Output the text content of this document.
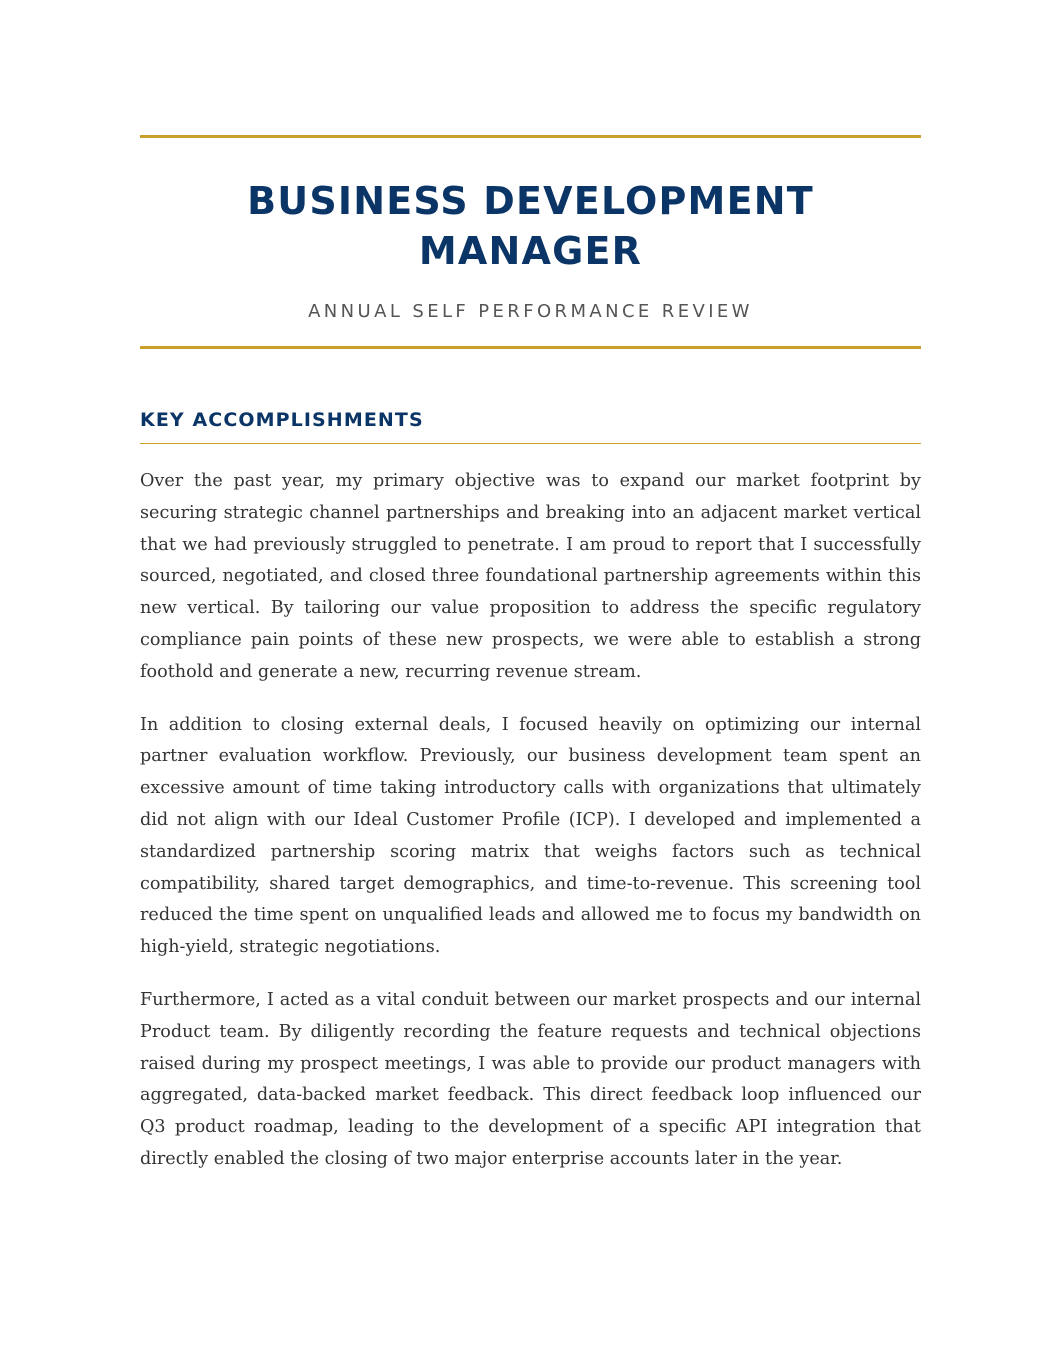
BUSINESS DEVELOPMENT MANAGER

ANNUAL SELF PERFORMANCE REVIEW

KEY ACCOMPLISHMENTS

Over the past year, my primary objective was to expand our market footprint by securing strategic channel partnerships and breaking into an adjacent market vertical that we had previously struggled to penetrate. I am proud to report that I successfully sourced, negotiated, and closed three foundational partnership agreements within this new vertical. By tailoring our value proposition to address the specific regulatory compliance pain points of these new prospects, we were able to establish a strong foothold and generate a new, recurring revenue stream.

In addition to closing external deals, I focused heavily on optimizing our internal partner evaluation workflow. Previously, our business development team spent an excessive amount of time taking introductory calls with organizations that ultimately did not align with our Ideal Customer Profile (ICP). I developed and implemented a standardized partnership scoring matrix that weighs factors such as technical compatibility, shared target demographics, and time-to-revenue. This screening tool reduced the time spent on unqualified leads and allowed me to focus my bandwidth on high-yield, strategic negotiations.

Furthermore, I acted as a vital conduit between our market prospects and our internal Product team. By diligently recording the feature requests and technical objections raised during my prospect meetings, I was able to provide our product managers with aggregated, data-backed market feedback. This direct feedback loop influenced our Q3 product roadmap, leading to the development of a specific API integration that directly enabled the closing of two major enterprise accounts later in the year.
